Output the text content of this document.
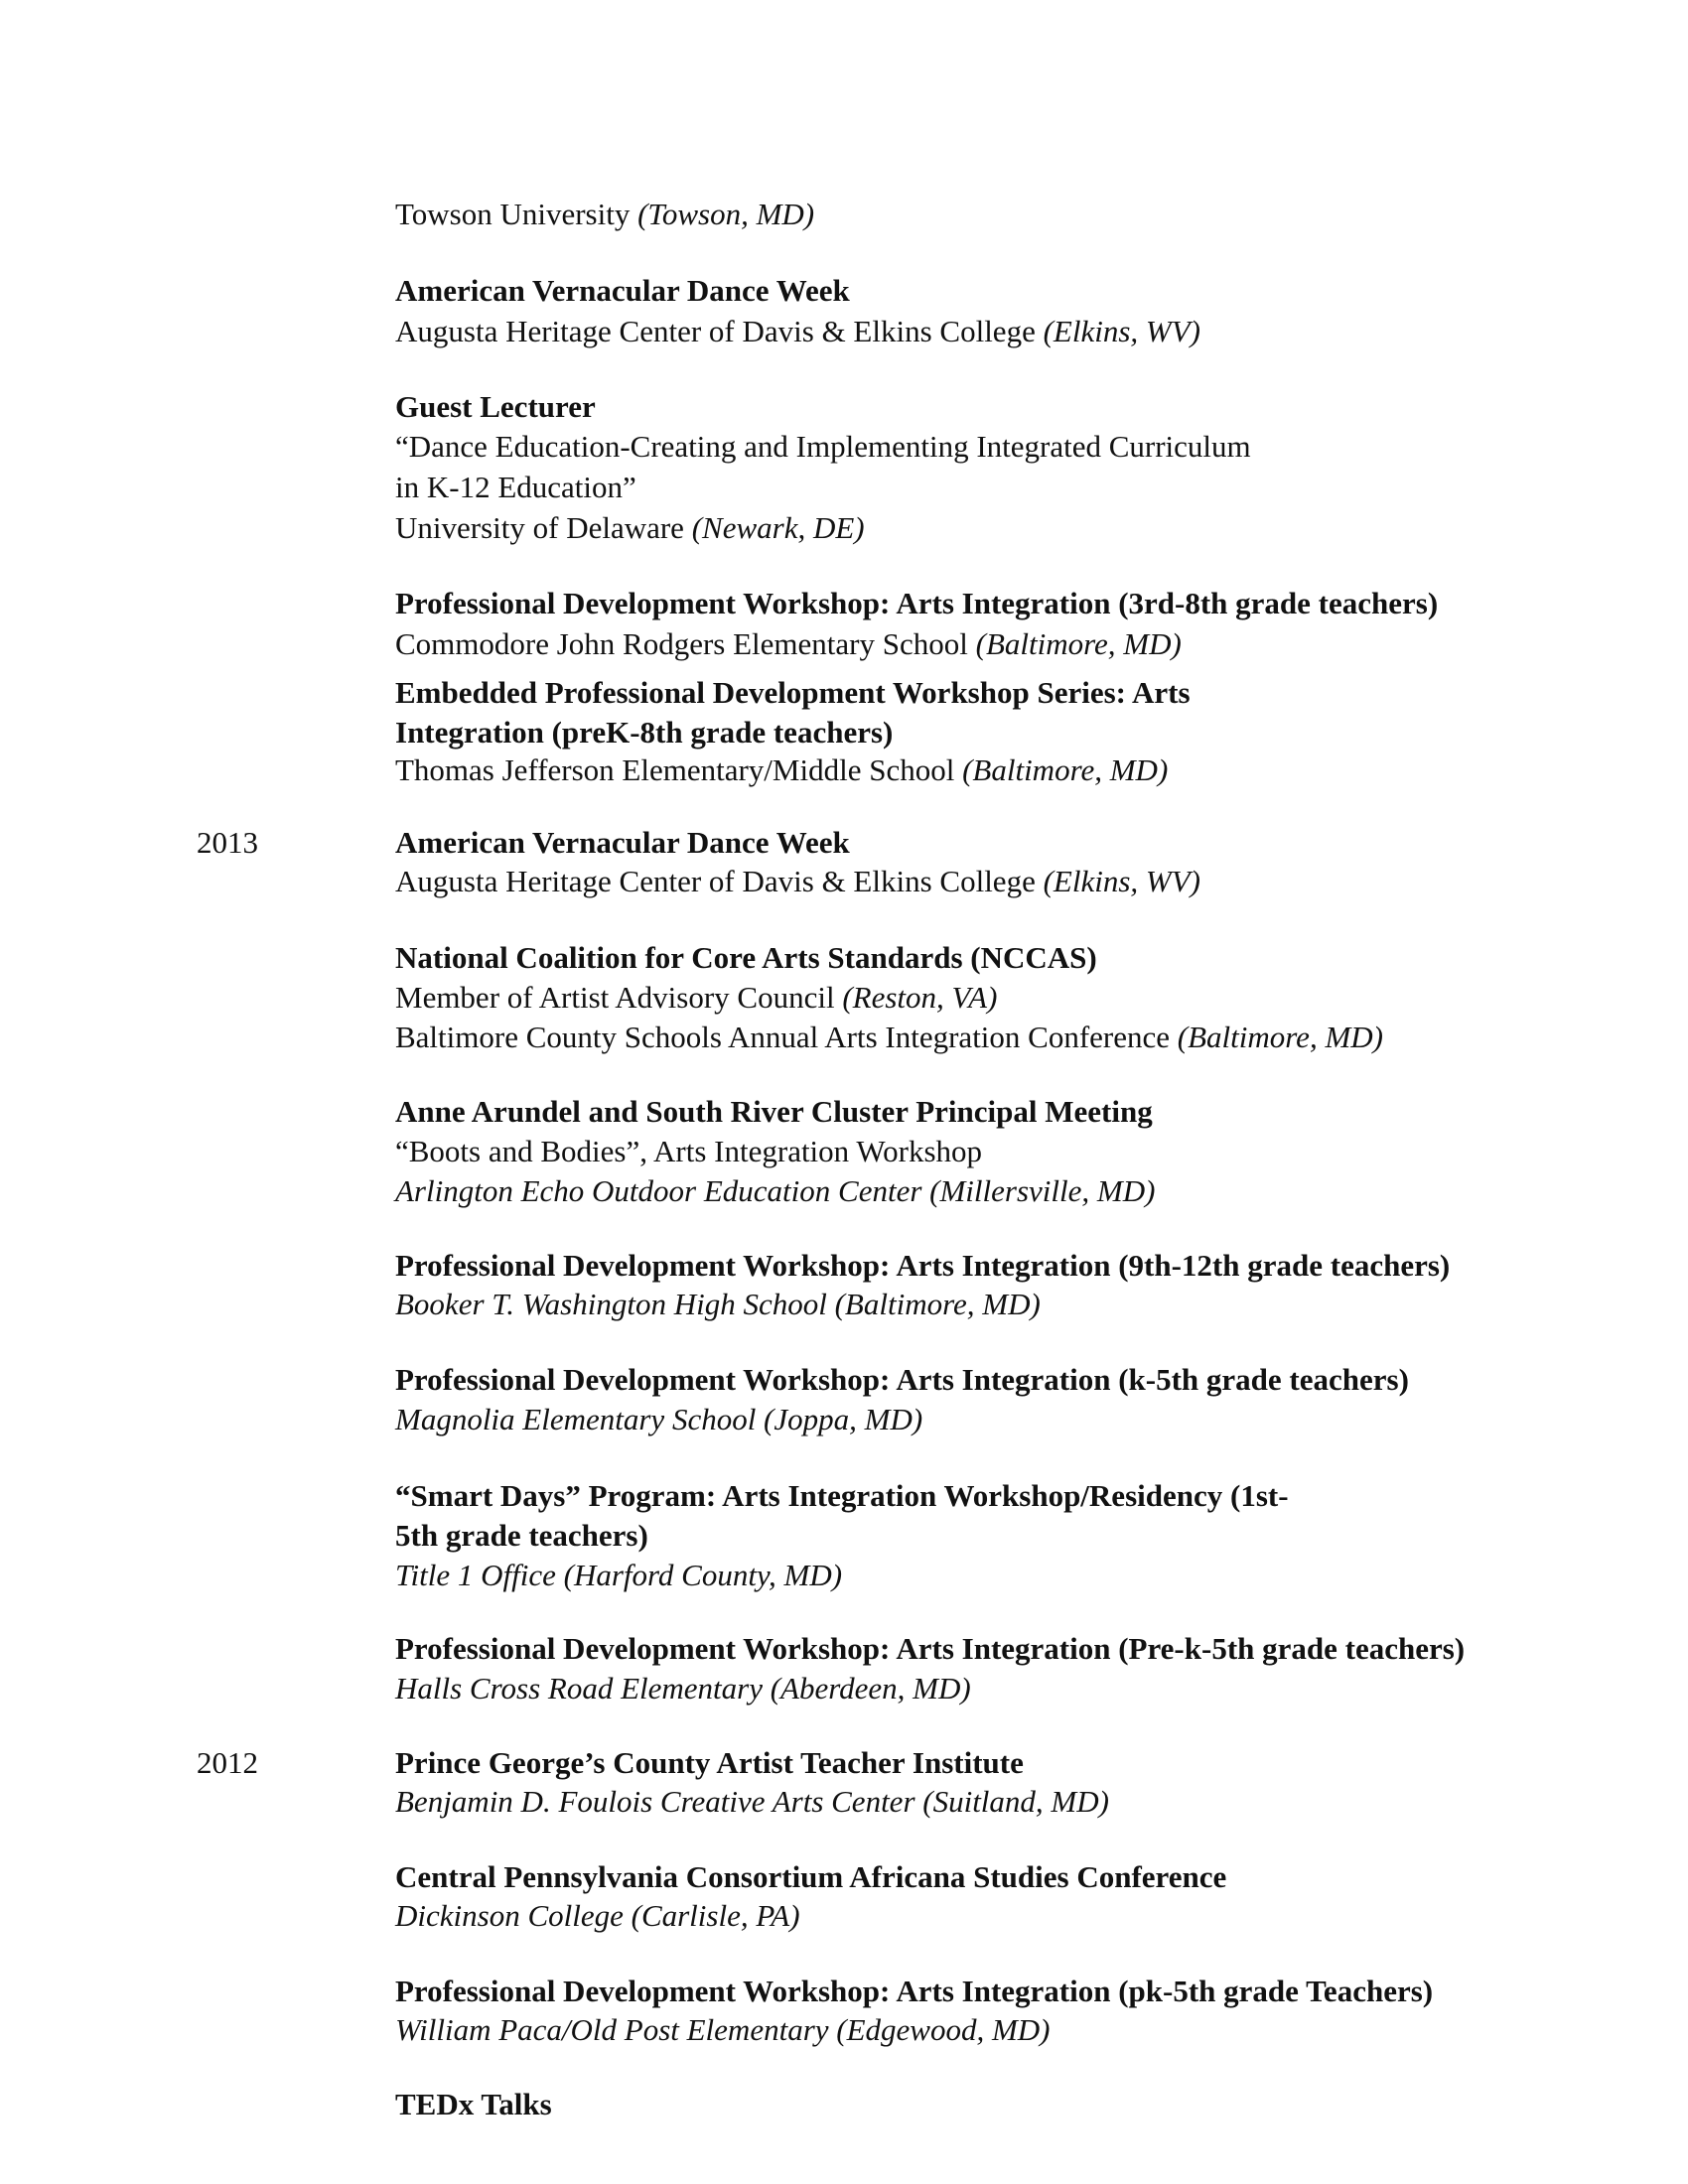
Towson University (Towson, MD)
American Vernacular Dance Week
Augusta Heritage Center of Davis & Elkins College (Elkins, WV)
Guest Lecturer
“Dance Education-Creating and Implementing Integrated Curriculum
in K-12 Education”
University of Delaware (Newark, DE)
Professional Development Workshop: Arts Integration (3rd-8th grade teachers)
Commodore John Rodgers Elementary School (Baltimore, MD)
Embedded Professional Development Workshop Series: Arts
Integration (preK-8th grade teachers)
Thomas Jefferson Elementary/Middle School (Baltimore, MD)
2013	American Vernacular Dance Week
Augusta Heritage Center of Davis & Elkins College (Elkins, WV)
National Coalition for Core Arts Standards (NCCAS)
Member of Artist Advisory Council (Reston, VA)
Baltimore County Schools Annual Arts Integration Conference (Baltimore, MD)
Anne Arundel and South River Cluster Principal Meeting
“Boots and Bodies”, Arts Integration Workshop
Arlington Echo Outdoor Education Center (Millersville, MD)
Professional Development Workshop: Arts Integration (9th-12th grade teachers)
Booker T. Washington High School (Baltimore, MD)
Professional Development Workshop: Arts Integration (k-5th grade teachers)
Magnolia Elementary School (Joppa, MD)
“Smart Days” Program: Arts Integration Workshop/Residency (1st-
5th grade teachers)
Title 1 Office (Harford County, MD)
Professional Development Workshop: Arts Integration (Pre-k-5th grade teachers)
Halls Cross Road Elementary (Aberdeen, MD)
2012	Prince George’s County Artist Teacher Institute
Benjamin D. Foulois Creative Arts Center (Suitland, MD)
Central Pennsylvania Consortium Africana Studies Conference
Dickinson College (Carlisle, PA)
Professional Development Workshop: Arts Integration (pk-5th grade Teachers)
William Paca/Old Post Elementary (Edgewood, MD)
TEDx Talks
